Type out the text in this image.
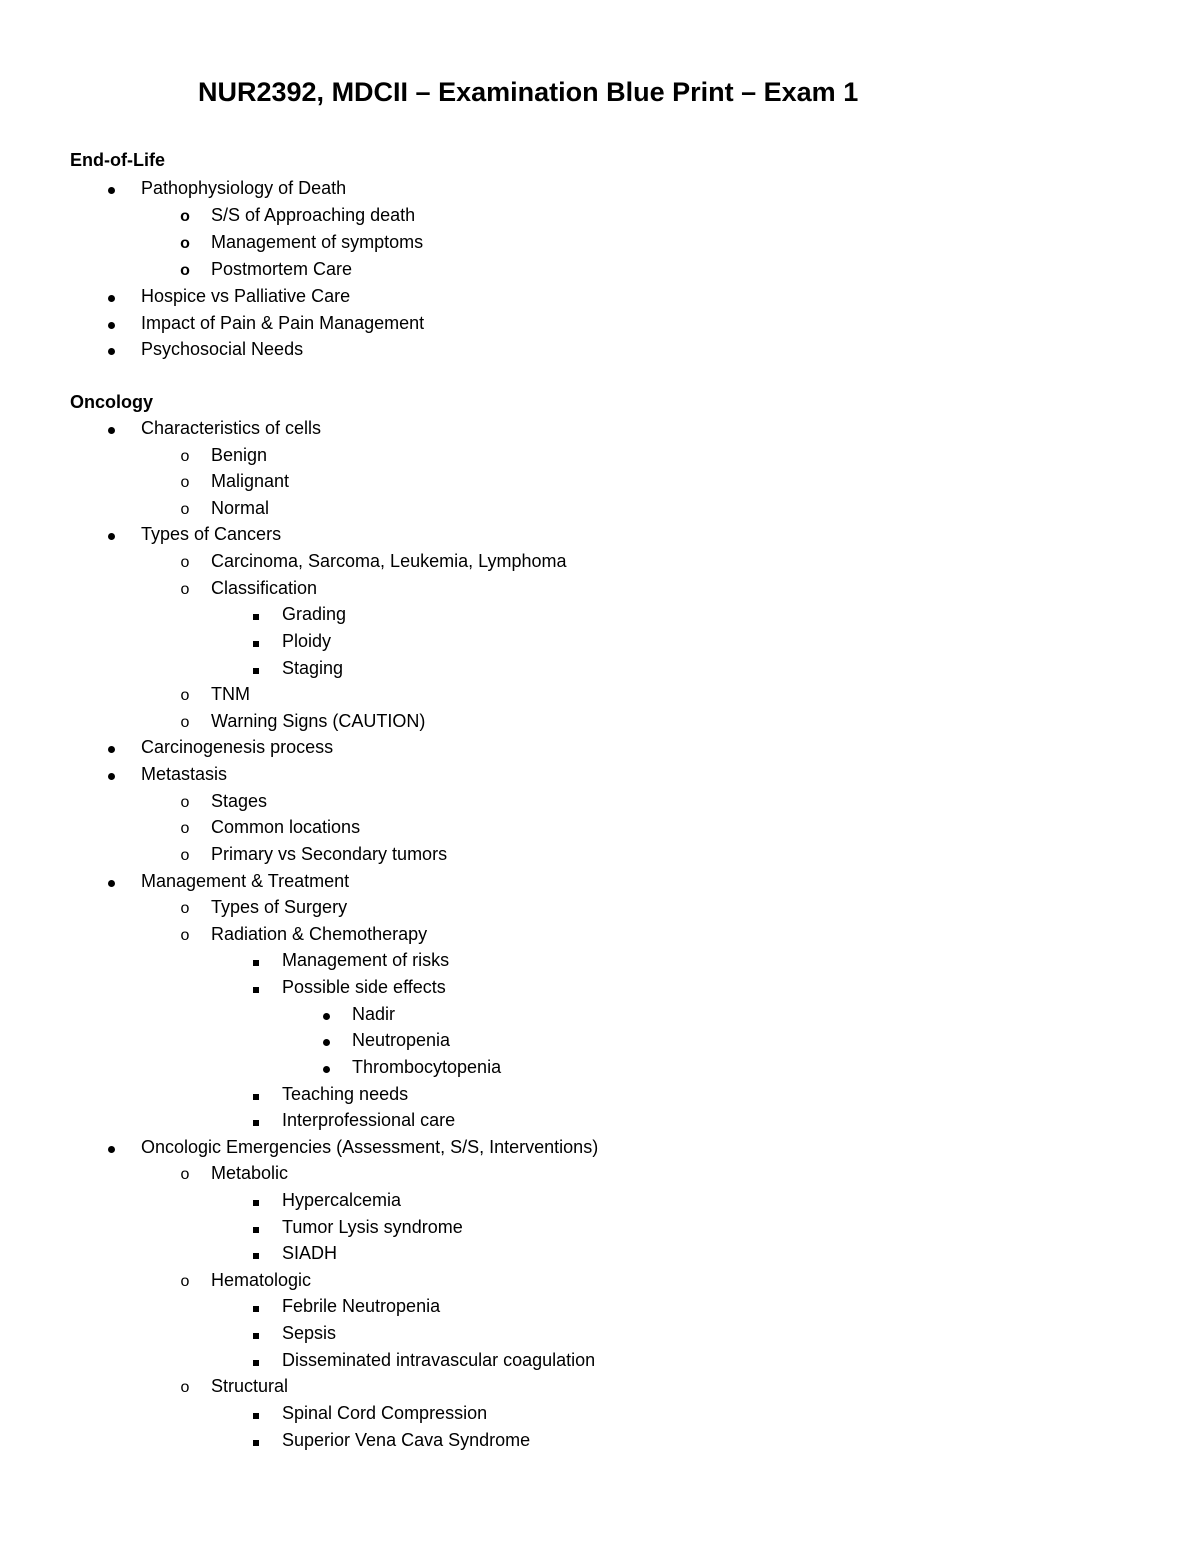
NUR2392, MDCII – Examination Blue Print – Exam 1
End-of-Life
Pathophysiology of Death
o S/S of Approaching death
o Management of symptoms
o Postmortem Care
Hospice vs Palliative Care
Impact of Pain & Pain Management
Psychosocial Needs
Oncology
Characteristics of cells
o	Benign
o	Malignant
o	Normal
Types of Cancers
o	Carcinoma, Sarcoma, Leukemia, Lymphoma
o	Classification
Grading
Ploidy
Staging
o	TNM
o	Warning Signs (CAUTION)
Carcinogenesis process
Metastasis
o	Stages
o	Common locations
o	Primary vs Secondary tumors
Management & Treatment
o	Types of Surgery
o	Radiation & Chemotherapy
Management of risks
Possible side effects
Nadir
Neutropenia
Thrombocytopenia
Teaching needs
Interprofessional care
Oncologic Emergencies (Assessment, S/S, Interventions)
o	Metabolic
Hypercalcemia
Tumor Lysis syndrome
SIADH
o	Hematologic
Febrile Neutropenia
Sepsis
Disseminated intravascular coagulation
o	Structural
Spinal Cord Compression
Superior Vena Cava Syndrome
